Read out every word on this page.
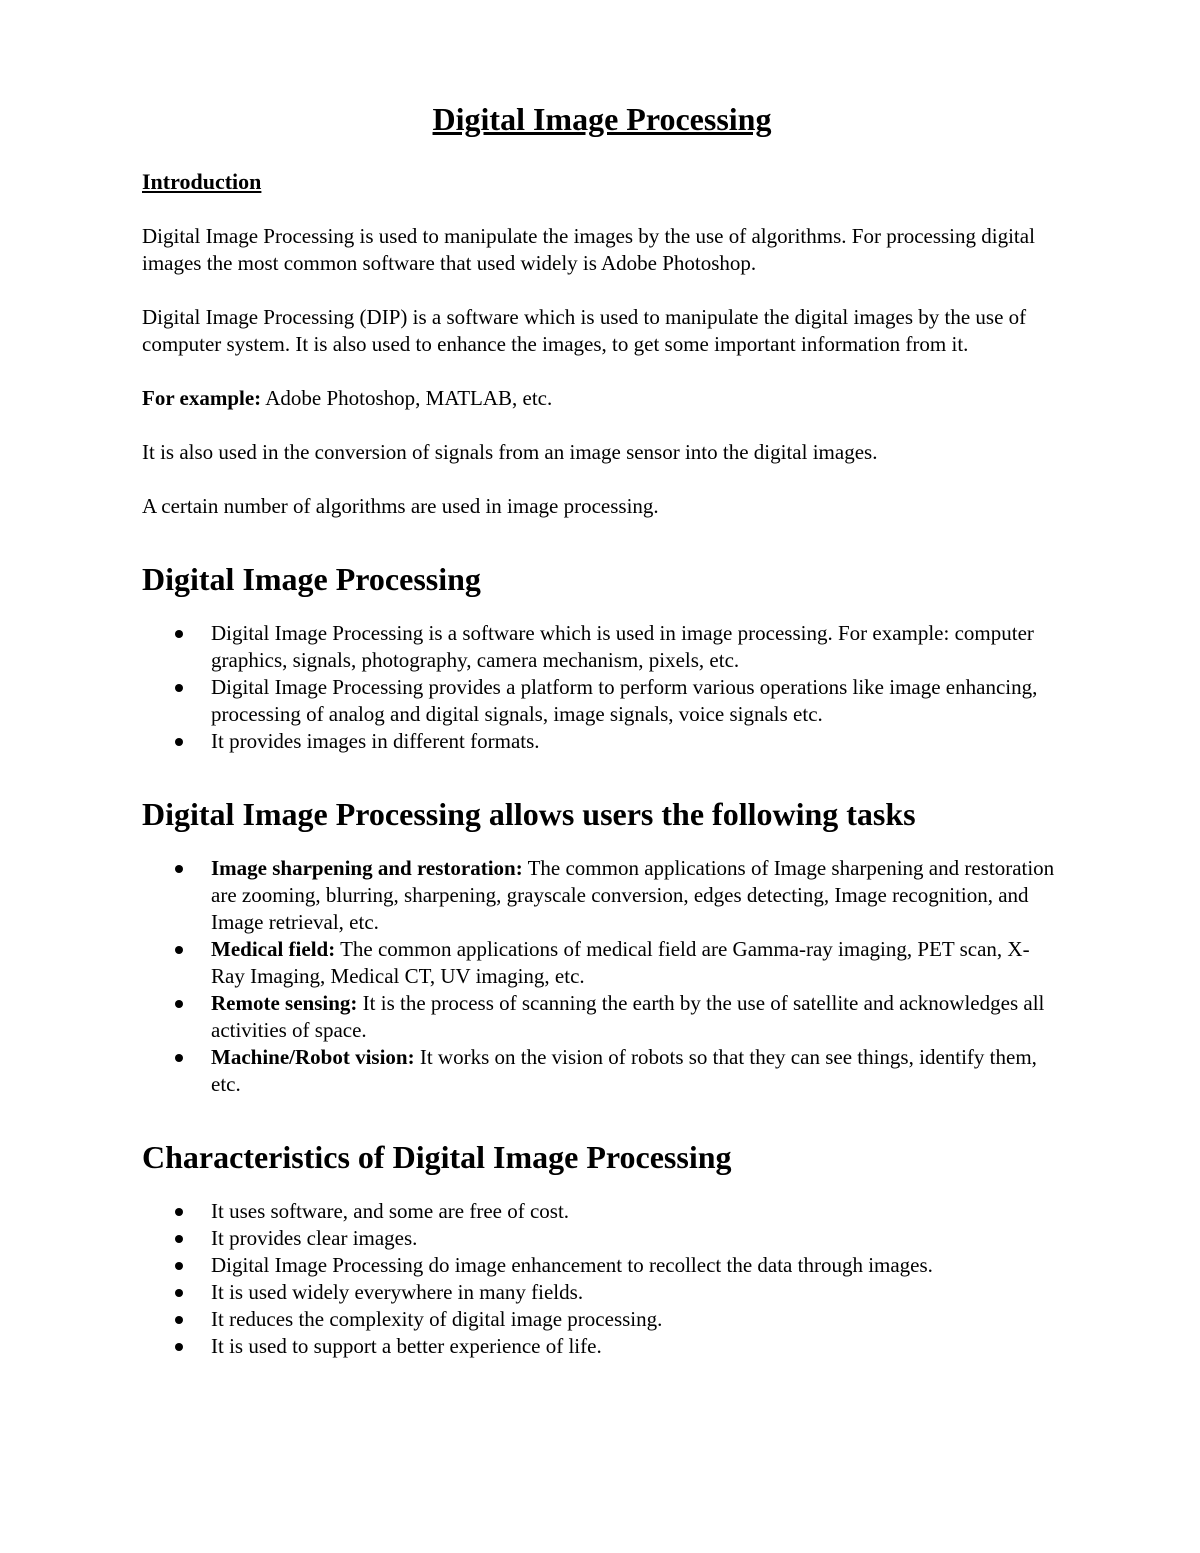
Digital Image Processing
Introduction

Digital Image Processing is used to manipulate the images by the use of algorithms. For processing digital images the most common software that used widely is Adobe Photoshop.

Digital Image Processing (DIP) is a software which is used to manipulate the digital images by the use of computer system. It is also used to enhance the images, to get some important information from it.

For example: Adobe Photoshop, MATLAB, etc.

It is also used in the conversion of signals from an image sensor into the digital images.

A certain number of algorithms are used in image processing.

Digital Image Processing
Digital Image Processing is a software which is used in image processing. For example: computer graphics, signals, photography, camera mechanism, pixels, etc.
Digital Image Processing provides a platform to perform various operations like image enhancing, processing of analog and digital signals, image signals, voice signals etc.
It provides images in different formats.
Digital Image Processing allows users the following tasks
Image sharpening and restoration: The common applications of Image sharpening and restoration are zooming, blurring, sharpening, grayscale conversion, edges detecting, Image recognition, and Image retrieval, etc.
Medical field: The common applications of medical field are Gamma-ray imaging, PET scan, X-Ray Imaging, Medical CT, UV imaging, etc.
Remote sensing: It is the process of scanning the earth by the use of satellite and acknowledges all activities of space.
Machine/Robot vision: It works on the vision of robots so that they can see things, identify them, etc.
Characteristics of Digital Image Processing
It uses software, and some are free of cost.
It provides clear images.
Digital Image Processing do image enhancement to recollect the data through images.
It is used widely everywhere in many fields.
It reduces the complexity of digital image processing.
It is used to support a better experience of life.
